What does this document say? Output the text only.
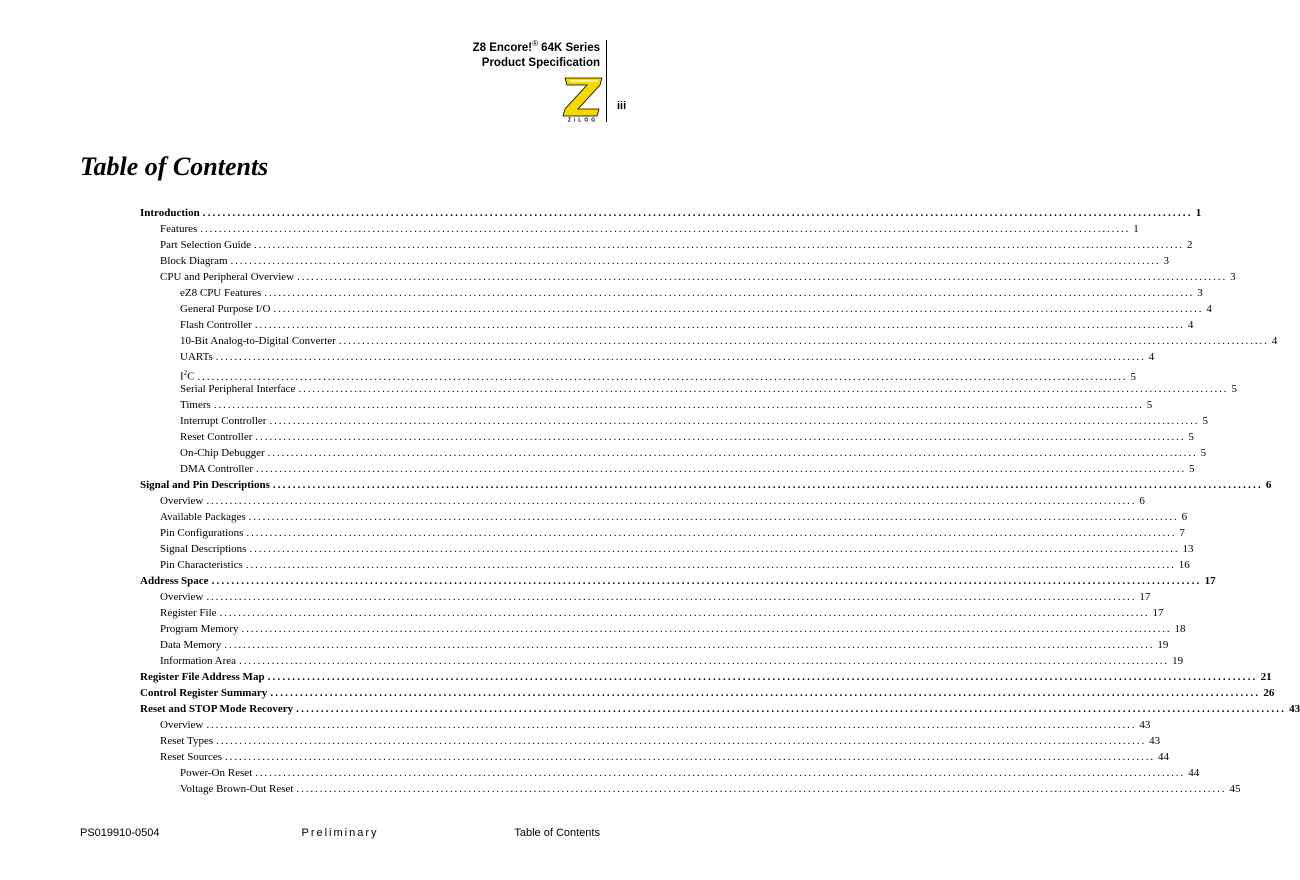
Z8 Encore!® 64K Series
Product Specification
ZiLOG
iii
Table of Contents
Introduction ........................................................................................................................................................................................................ 1
Features ........................................................................................................................................................................................................ 1
Part Selection Guide ........................................................................................................................................................................................................ 2
Block Diagram ........................................................................................................................................................................................................ 3
CPU and Peripheral Overview ........................................................................................................................................................................................................ 3
eZ8 CPU Features ........................................................................................................................................................................................................ 3
General Purpose I/O ........................................................................................................................................................................................................ 4
Flash Controller ........................................................................................................................................................................................................ 4
10-Bit Analog-to-Digital Converter ........................................................................................................................................................................................................ 4
UARTs ........................................................................................................................................................................................................ 4
$I^2C$ ........................................................................................................................................................................................................ 5
Serial Peripheral Interface ........................................................................................................................................................................................................ 5
Timers ........................................................................................................................................................................................................ 5
Interrupt Controller ........................................................................................................................................................................................................ 5
Reset Controller ........................................................................................................................................................................................................ 5
On-Chip Debugger ........................................................................................................................................................................................................ 5
DMA Controller ........................................................................................................................................................................................................ 5
Signal and Pin Descriptions ........................................................................................................................................................................................................ 6
Overview ........................................................................................................................................................................................................ 6
Available Packages ........................................................................................................................................................................................................ 6
Pin Configurations ........................................................................................................................................................................................................ 7
Signal Descriptions ........................................................................................................................................................................................................ 13
Pin Characteristics ........................................................................................................................................................................................................ 16
Address Space ........................................................................................................................................................................................................ 17
Overview ........................................................................................................................................................................................................ 17
Register File ........................................................................................................................................................................................................ 17
Program Memory ........................................................................................................................................................................................................ 18
Data Memory ........................................................................................................................................................................................................ 19
Information Area ........................................................................................................................................................................................................ 19
Register File Address Map ........................................................................................................................................................................................................ 21
Control Register Summary ........................................................................................................................................................................................................ 26
Reset and STOP Mode Recovery ........................................................................................................................................................................................................ 43
Overview ........................................................................................................................................................................................................ 43
Reset Types ........................................................................................................................................................................................................ 43
Reset Sources ........................................................................................................................................................................................................ 44
Power-On Reset ........................................................................................................................................................................................................ 44
Voltage Brown-Out Reset ........................................................................................................................................................................................................ 45
PS019910-0504	Preliminary	Table of Contents
